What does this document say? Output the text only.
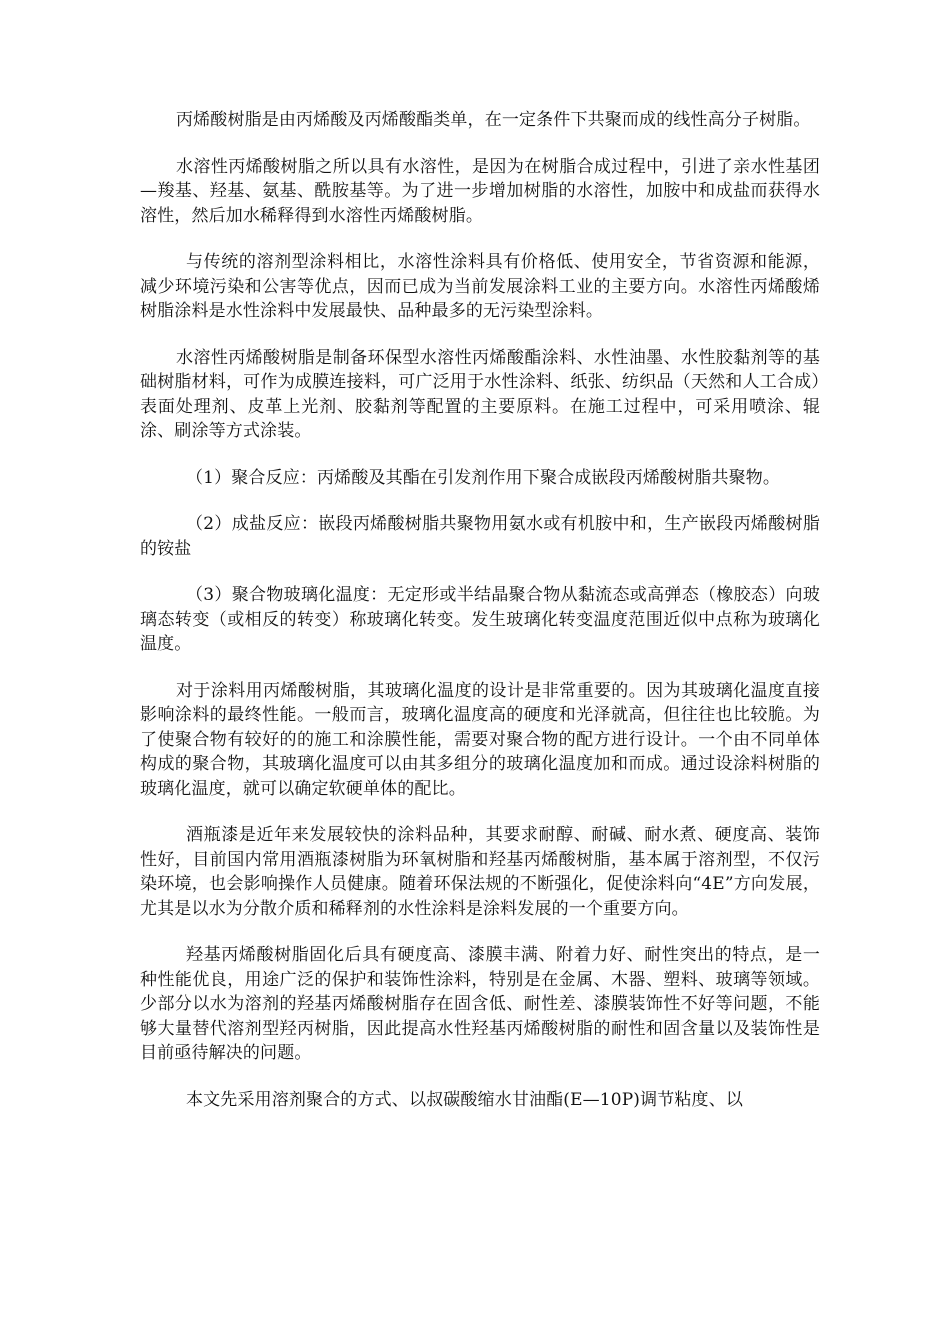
丙烯酸树脂是由丙烯酸及丙烯酸酯类单，在一定条件下共聚而成的线性高分子树脂。

水溶性丙烯酸树脂之所以具有水溶性，是因为在树脂合成过程中，引进了亲水性基团—羧基、羟基、氨基、酰胺基等。为了进一步增加树脂的水溶性，加胺中和成盐而获得水溶性，然后加水稀释得到水溶性丙烯酸树脂。

与传统的溶剂型涂料相比，水溶性涂料具有价格低、使用安全，节省资源和能源，减少环境污染和公害等优点，因而已成为当前发展涂料工业的主要方向。水溶性丙烯酸烯树脂涂料是水性涂料中发展最快、品种最多的无污染型涂料。

水溶性丙烯酸树脂是制备环保型水溶性丙烯酸酯涂料、水性油墨、水性胶黏剂等的基础树脂材料，可作为成膜连接料，可广泛用于水性涂料、纸张、纺织品（天然和人工合成）表面处理剂、皮革上光剂、胶黏剂等配置的主要原料。在施工过程中，可采用喷涂、辊涂、刷涂等方式涂装。

（1）聚合反应：丙烯酸及其酯在引发剂作用下聚合成嵌段丙烯酸树脂共聚物。

（2）成盐反应：嵌段丙烯酸树脂共聚物用氨水或有机胺中和，生产嵌段丙烯酸树脂的铵盐

（3）聚合物玻璃化温度：无定形或半结晶聚合物从黏流态或高弹态（橡胶态）向玻璃态转变（或相反的转变）称玻璃化转变。发生玻璃化转变温度范围近似中点称为玻璃化温度。

对于涂料用丙烯酸树脂，其玻璃化温度的设计是非常重要的。因为其玻璃化温度直接影响涂料的最终性能。一般而言，玻璃化温度高的硬度和光泽就高，但往往也比较脆。为了使聚合物有较好的的施工和涂膜性能，需要对聚合物的配方进行设计。一个由不同单体构成的聚合物，其玻璃化温度可以由其多组分的玻璃化温度加和而成。通过设涂料树脂的玻璃化温度，就可以确定软硬单体的配比。

酒瓶漆是近年来发展较快的涂料品种，其要求耐醇、耐碱、耐水煮、硬度高、装饰性好，目前国内常用酒瓶漆树脂为环氧树脂和羟基丙烯酸树脂，基本属于溶剂型，不仅污染环境，也会影响操作人员健康。随着环保法规的不断强化，促使涂料向“4E”方向发展，尤其是以水为分散介质和稀释剂的水性涂料是涂料发展的一个重要方向。

羟基丙烯酸树脂固化后具有硬度高、漆膜丰满、附着力好、耐性突出的特点，是一种性能优良，用途广泛的保护和装饰性涂料，特别是在金属、木器、塑料、玻璃等领域。少部分以水为溶剂的羟基丙烯酸树脂存在固含低、耐性差、漆膜装饰性不好等问题，不能够大量替代溶剂型羟丙树脂，因此提高水性羟基丙烯酸树脂的耐性和固含量以及装饰性是目前亟待解决的问题。

本文先采用溶剂聚合的方式、以叔碳酸缩水甘油酯(E—10P)调节粘度、以
